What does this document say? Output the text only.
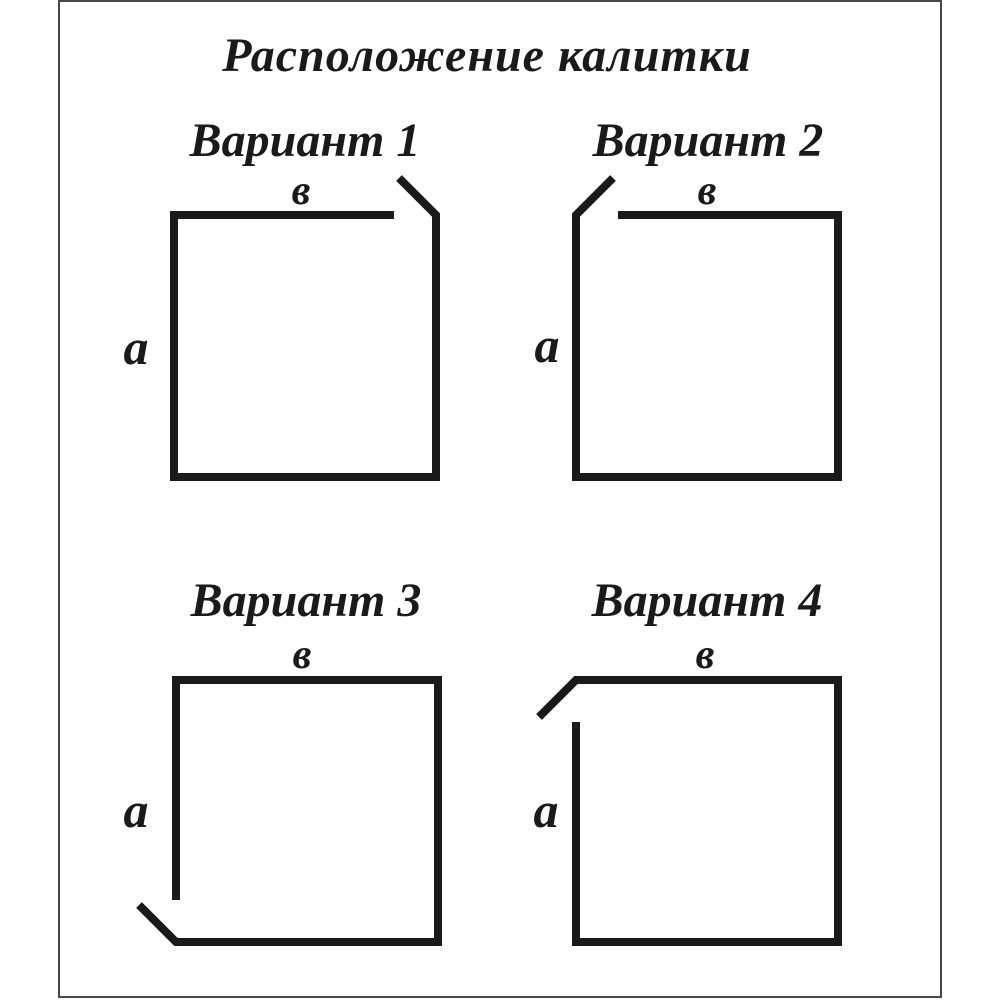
Расположение калитки
Вариант 1
в
а
Вариант 2
в
а
Вариант 3
в
а
Вариант 4
в
а
